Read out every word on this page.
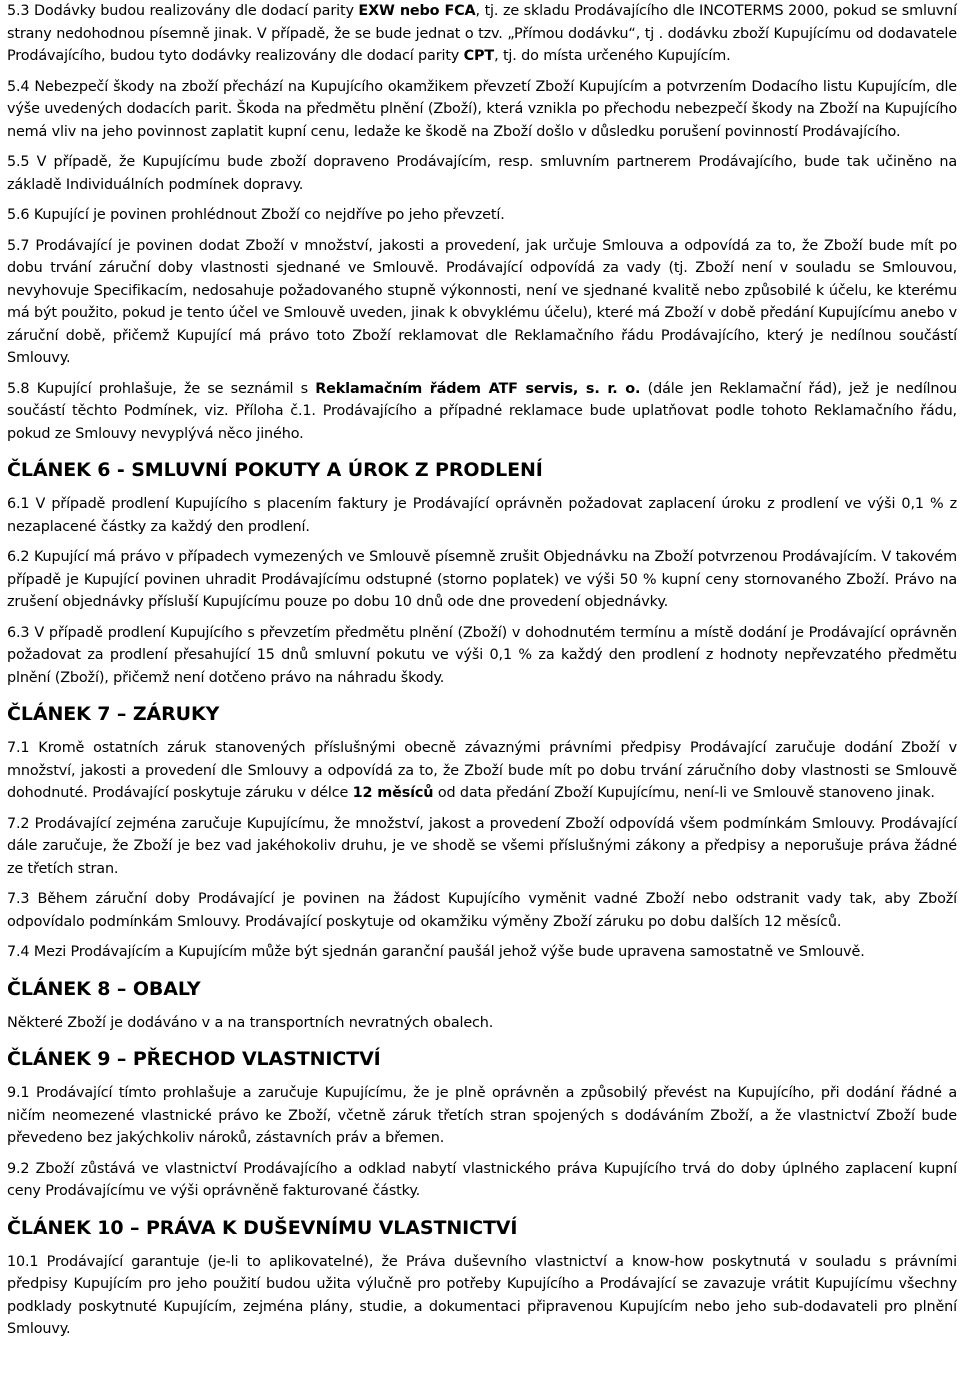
5.3 Dodávky budou realizovány dle dodací parity EXW nebo FCA, tj. ze skladu Prodávajícího dle INCOTERMS 2000, pokud se smluvní strany nedohodnou písemně jinak. V případě, že se bude jednat o tzv. „Přímou dodávku“, tj . dodávku zboží Kupujícímu od dodavatele Prodávajícího, budou tyto dodávky realizovány dle dodací parity CPT, tj. do místa určeného Kupujícím.

5.4 Nebezpečí škody na zboží přechází na Kupujícího okamžikem převzetí Zboží Kupujícím a potvrzením Dodacího listu Kupujícím, dle výše uvedených dodacích parit. Škoda na předmětu plnění (Zboží), která vznikla po přechodu nebezpečí škody na Zboží na Kupujícího nemá vliv na jeho povinnost zaplatit kupní cenu, ledaže ke škodě na Zboží došlo v důsledku porušení povinností Prodávajícího.

5.5 V případě, že Kupujícímu bude zboží dopraveno Prodávajícím, resp. smluvním partnerem Prodávajícího, bude tak učiněno na základě Individuálních podmínek dopravy.

5.6 Kupující je povinen prohlédnout Zboží co nejdříve po jeho převzetí.

5.7 Prodávající je povinen dodat Zboží v množství, jakosti a provedení, jak určuje Smlouva a odpovídá za to, že Zboží bude mít po dobu trvání záruční doby vlastnosti sjednané ve Smlouvě. Prodávající odpovídá za vady (tj. Zboží není v souladu se Smlouvou, nevyhovuje Specifikacím, nedosahuje požadovaného stupně výkonnosti, není ve sjednané kvalitě nebo způsobilé k účelu, ke kterému má být použito, pokud je tento účel ve Smlouvě uveden, jinak k obvyklému účelu), které má Zboží v době předání Kupujícímu anebo v záruční době, přičemž Kupující má právo toto Zboží reklamovat dle Reklamačního řádu Prodávajícího, který je nedílnou součástí Smlouvy.

5.8 Kupující prohlašuje, že se seznámil s Reklamačním řádem ATF servis, s. r. o. (dále jen Reklamační řád), jež je nedílnou součástí těchto Podmínek, viz. Příloha č.1. Prodávajícího a případné reklamace bude uplatňovat podle tohoto Reklamačního řádu, pokud ze Smlouvy nevyplývá něco jiného.

ČLÁNEK 6 - SMLUVNÍ POKUTY A ÚROK Z PRODLENÍ

6.1 V případě prodlení Kupujícího s placením faktury je Prodávající oprávněn požadovat zaplacení úroku z prodlení ve výši 0,1 % z nezaplacené částky za každý den prodlení.

6.2 Kupující má právo v případech vymezených ve Smlouvě písemně zrušit Objednávku na Zboží potvrzenou Prodávajícím. V takovém případě je Kupující povinen uhradit Prodávajícímu odstupné (storno poplatek) ve výši 50 % kupní ceny stornovaného Zboží. Právo na zrušení objednávky přísluší Kupujícímu pouze po dobu 10 dnů ode dne provedení objednávky.

6.3 V případě prodlení Kupujícího s převzetím předmětu plnění (Zboží) v dohodnutém termínu a místě dodání je Prodávající oprávněn požadovat za prodlení přesahující 15 dnů smluvní pokutu ve výši 0,1 % za každý den prodlení z hodnoty nepřevzatého předmětu plnění (Zboží), přičemž není dotčeno právo na náhradu škody.

ČLÁNEK 7 – ZÁRUKY

7.1 Kromě ostatních záruk stanovených příslušnými obecně závaznými právními předpisy Prodávající zaručuje dodání Zboží v množství, jakosti a provedení dle Smlouvy a odpovídá za to, že Zboží bude mít po dobu trvání záručního doby vlastnosti se Smlouvě dohodnuté. Prodávající poskytuje záruku v délce 12 měsíců od data předání Zboží Kupujícímu, není-li ve Smlouvě stanoveno jinak.

7.2 Prodávající zejména zaručuje Kupujícímu, že množství, jakost a provedení Zboží odpovídá všem podmínkám Smlouvy. Prodávající dále zaručuje, že Zboží je bez vad jakéhokoliv druhu, je ve shodě se všemi příslušnými zákony a předpisy a neporušuje práva žádné ze třetích stran.

7.3 Během záruční doby Prodávající je povinen na žádost Kupujícího vyměnit vadné Zboží nebo odstranit vady tak, aby Zboží odpovídalo podmínkám Smlouvy. Prodávající poskytuje od okamžiku výměny Zboží záruku po dobu dalších 12 měsíců.

7.4 Mezi Prodávajícím a Kupujícím může být sjednán garanční paušál jehož výše bude upravena samostatně ve Smlouvě.

ČLÁNEK 8 – OBALY

Některé Zboží je dodáváno v a na transportních nevratných obalech.

ČLÁNEK 9 – PŘECHOD VLASTNICTVÍ

9.1 Prodávající tímto prohlašuje a zaručuje Kupujícímu, že je plně oprávněn a způsobilý převést na Kupujícího, při dodání řádné a ničím neomezené vlastnické právo ke Zboží, včetně záruk třetích stran spojených s dodáváním Zboží, a že vlastnictví Zboží bude převedeno bez jakýchkoliv nároků, zástavních práv a břemen.

9.2 Zboží zůstává ve vlastnictví Prodávajícího a odklad nabytí vlastnického práva Kupujícího trvá do doby úplného zaplacení kupní ceny Prodávajícímu ve výši oprávněně fakturované částky.

ČLÁNEK 10 – PRÁVA K DUŠEVNÍMU VLASTNICTVÍ

10.1 Prodávající garantuje (je-li to aplikovatelné), že Práva duševního vlastnictví a know-how poskytnutá v souladu s právními předpisy Kupujícím pro jeho použití budou užita výlučně pro potřeby Kupujícího a Prodávající se zavazuje vrátit Kupujícímu všechny podklady poskytnuté Kupujícím, zejména plány, studie, a dokumentaci připravenou Kupujícím nebo jeho sub-dodavateli pro plnění Smlouvy.
